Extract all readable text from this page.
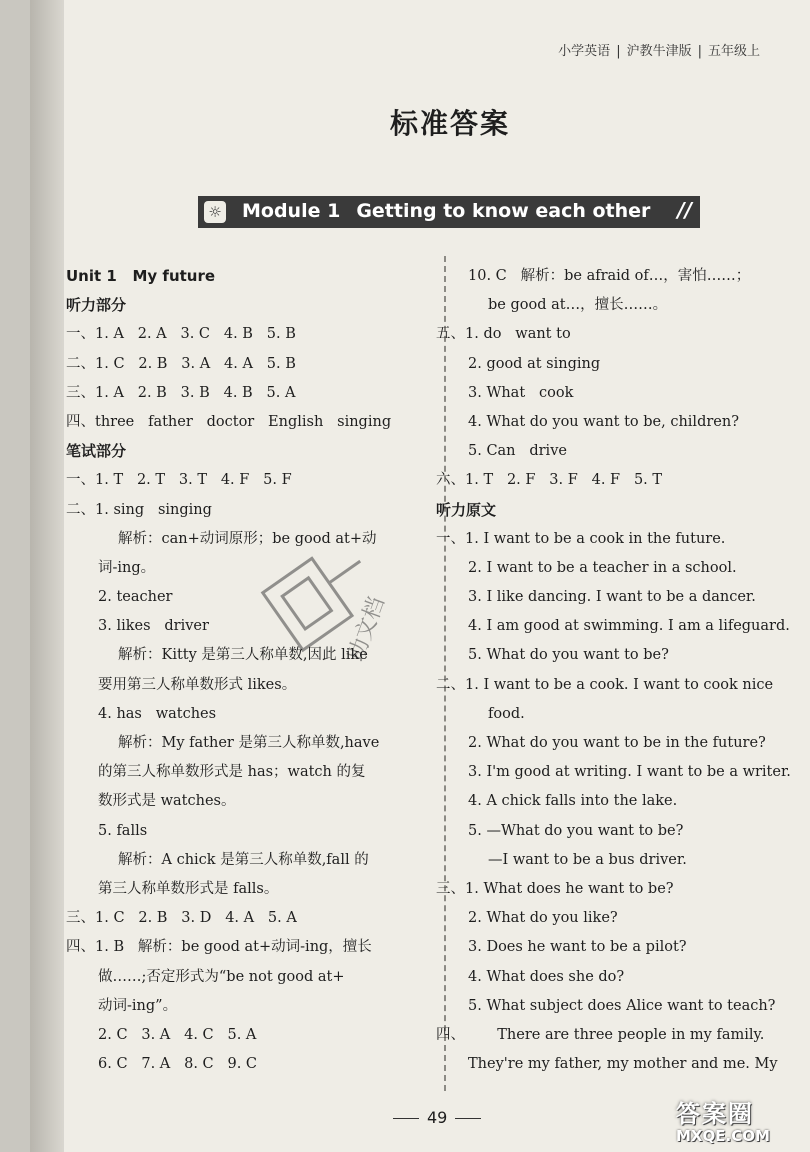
小学英语 | 沪教牛津版 | 五年级上
标准答案
☼ Module 1 Getting to know each other //
助文档
Unit 1   My future
听力部分
一、1. A   2. A   3. C   4. B   5. B
二、1. C   2. B   3. A   4. A   5. B
三、1. A   2. B   3. B   4. B   5. A
四、three   father   doctor   English   singing
笔试部分
一、1. T   2. T   3. T   4. F   5. F
二、1. sing   singing
解析：can+动词原形；be good at+动
词-ing。
2. teacher
3. likes   driver
解析：Kitty 是第三人称单数,因此 like
要用第三人称单数形式 likes。
4. has   watches
解析：My father 是第三人称单数,have
的第三人称单数形式是 has；watch 的复
数形式是 watches。
5. falls
解析：A chick 是第三人称单数,fall 的
第三人称单数形式是 falls。
三、1. C   2. B   3. D   4. A   5. A
四、1. B   解析：be good at+动词-ing，擅长
做……;否定形式为“be not good at+
动词-ing”。
2. C   3. A   4. C   5. A
6. C   7. A   8. C   9. C
10. C   解析：be afraid of…，害怕……；
be good at…，擅长……。
五、1. do   want to
2. good at singing
3. What   cook
4. What do you want to be, children?
5. Can   drive
六、1. T   2. F   3. F   4. F   5. T
听力原文
一、1. I want to be a cook in the future.
2. I want to be a teacher in a school.
3. I like dancing. I want to be a dancer.
4. I am good at swimming. I am a lifeguard.
5. What do you want to be?
二、1. I want to be a cook. I want to cook nice
food.
2. What do you want to be in the future?
3. I'm good at writing. I want to be a writer.
4. A chick falls into the lake.
5. —What do you want to be?
—I want to be a bus driver.
三、1. What does he want to be?
2. What do you like?
3. Does he want to be a pilot?
4. What does she do?
5. What subject does Alice want to teach?
四、       There are three people in my family.
They're my father, my mother and me. My
49	答案圈
MXQE.COM
